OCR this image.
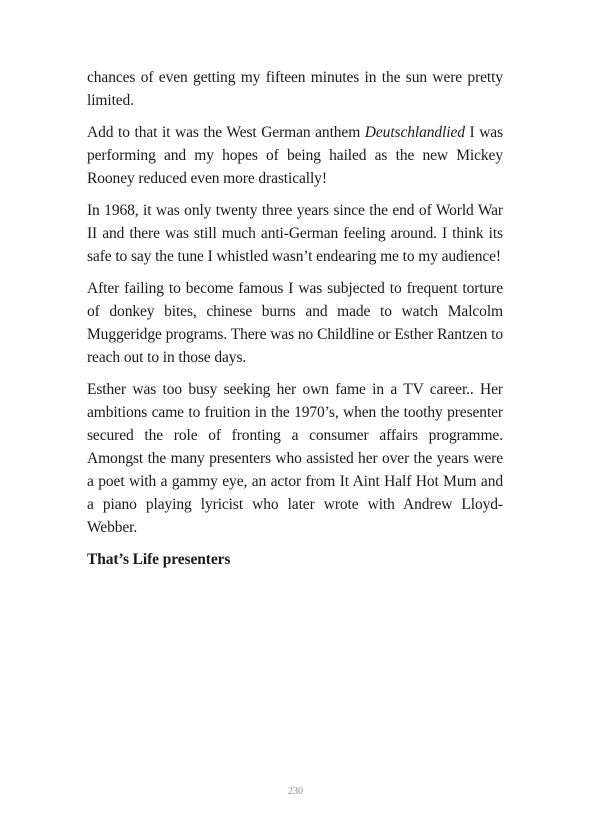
chances of even getting my fifteen minutes in the sun were pretty limited.

Add to that it was the West German anthem Deutschlandlied I was performing and my hopes of being hailed as the new Mickey Rooney reduced even more drastically!

In 1968, it was only twenty three years since the end of World War II and there was still much anti-German feeling around. I think its safe to say the tune I whistled wasn’t endearing me to my audience!

After failing to become famous I was subjected to frequent torture of donkey bites, chinese burns and made to watch Malcolm Muggeridge programs. There was no Childline or Esther Rantzen to reach out to in those days.

Esther was too busy seeking her own fame in a TV career.. Her ambitions came to fruition in the 1970’s, when the toothy presenter secured the role of fronting a consumer affairs programme. Amongst the many presenters who assisted her over the years were a poet with a gammy eye, an actor from It Aint Half Hot Mum and a piano playing lyricist who later wrote with Andrew Lloyd-Webber.

That’s Life presenters

230
